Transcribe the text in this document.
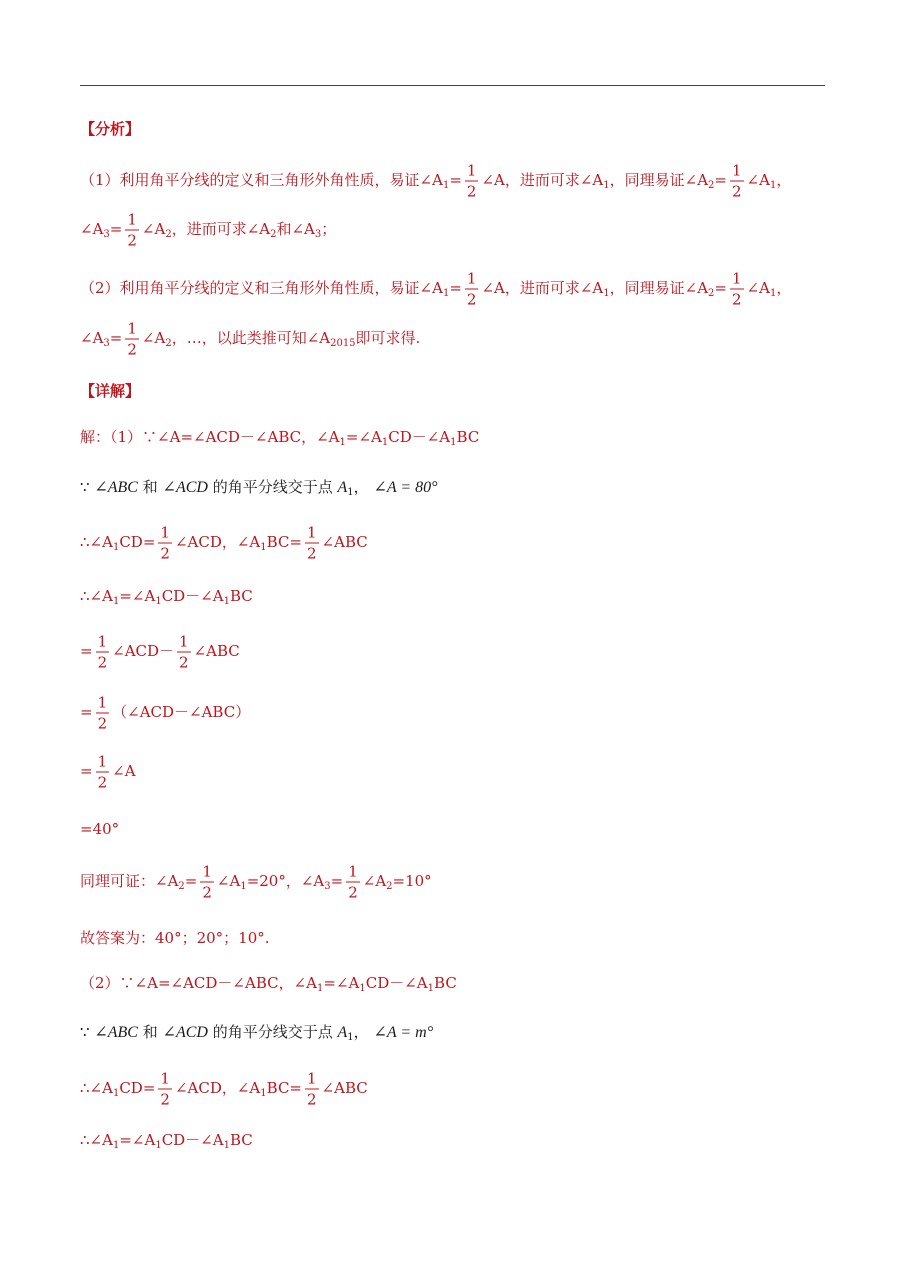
【分析】
（1）利用角平分线的定义和三角形外角性质，易证$\angle A_1= \frac{1}{2}$ ∠A，进而可求$\angle A_1$，同理易证$\angle A_2= \frac{1}{2}$ $\angle A_1$，
$\angle A_3= \frac{1}{2}$ $\angle A_2$，进而可求$\angle A_2$和$\angle A_3$；
（2）利用角平分线的定义和三角形外角性质，易证$\angle A_1= \frac{1}{2}$ ∠A，进而可求$\angle A_1$，同理易证$\angle A_2= \frac{1}{2}$ $\angle A_1$，
$\angle A_3= \frac{1}{2}$ $\angle A_2$，…，以此类推可知$\angle A_{2015}$即可求得.
【详解】
解：（1）∵∠A=∠ACD－∠ABC，$\angle A_1=\angle A_1CD-\angle A_1BC$
∵ ∠ABC 和 ∠ACD 的角平分线交于点 $A_1$， ∠A = 80°
$\therefore\angle A_1CD= \frac{1}{2}$ ∠ACD，$\angle A_1BC= \frac{1}{2}$ ∠ABC
$\therefore\angle A_1=\angle A_1CD-\angle A_1BC$
= $\frac{1}{2}$ ∠ACD－ $\frac{1}{2}$ ∠ABC
= $\frac{1}{2}$ （∠ACD－∠ABC）
= $\frac{1}{2}$ ∠A
=40°
同理可证：$\angle A_2= \frac{1}{2}$ $\angle A_1=20^\circ$，$\angle A_3= \frac{1}{2}$ $\angle A_2=10^\circ$
故答案为：40°；20°；10°.
（2）∵∠A=∠ACD－∠ABC，$\angle A_1=\angle A_1CD-\angle A_1BC$
∵ ∠ABC 和 ∠ACD 的角平分线交于点 $A_1$， ∠A = m°
$\therefore\angle A_1CD= \frac{1}{2}$ ∠ACD，$\angle A_1BC= \frac{1}{2}$ ∠ABC
$\therefore\angle A_1=\angle A_1CD-\angle A_1BC$
